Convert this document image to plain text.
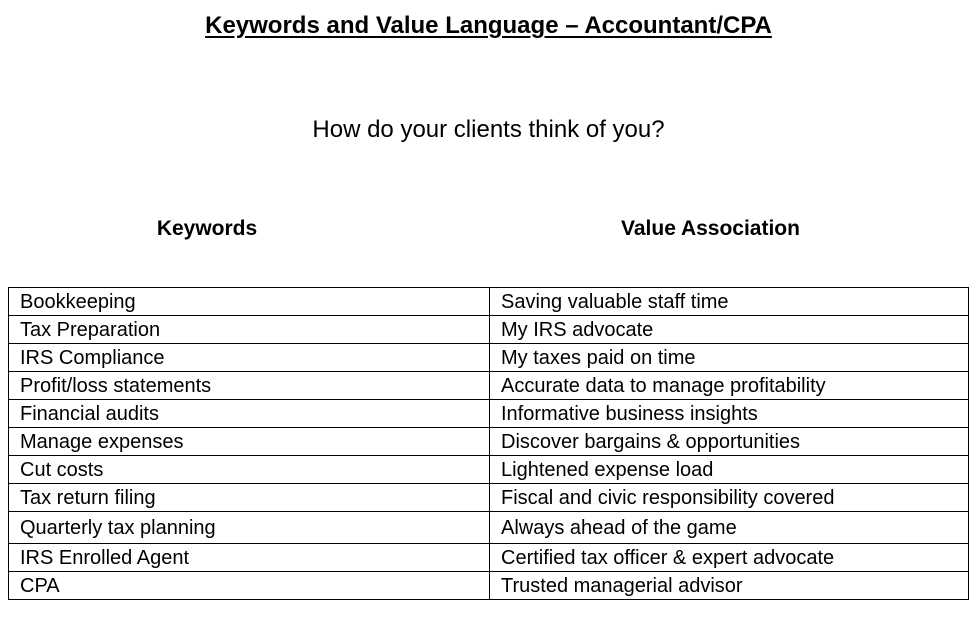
Keywords and Value Language – Accountant/CPA
How do your clients think of you?
Keywords	Value Association
Bookkeeping	Saving valuable staff time
Tax Preparation	My IRS advocate
IRS Compliance	My taxes paid on time
Profit/loss statements	Accurate data to manage profitability
Financial audits	Informative business insights
Manage expenses	Discover bargains & opportunities
Cut costs	Lightened expense load
Tax return filing	Fiscal and civic responsibility covered
Quarterly tax planning	Always ahead of the game
IRS Enrolled Agent	Certified tax officer & expert advocate
CPA	Trusted managerial advisor
